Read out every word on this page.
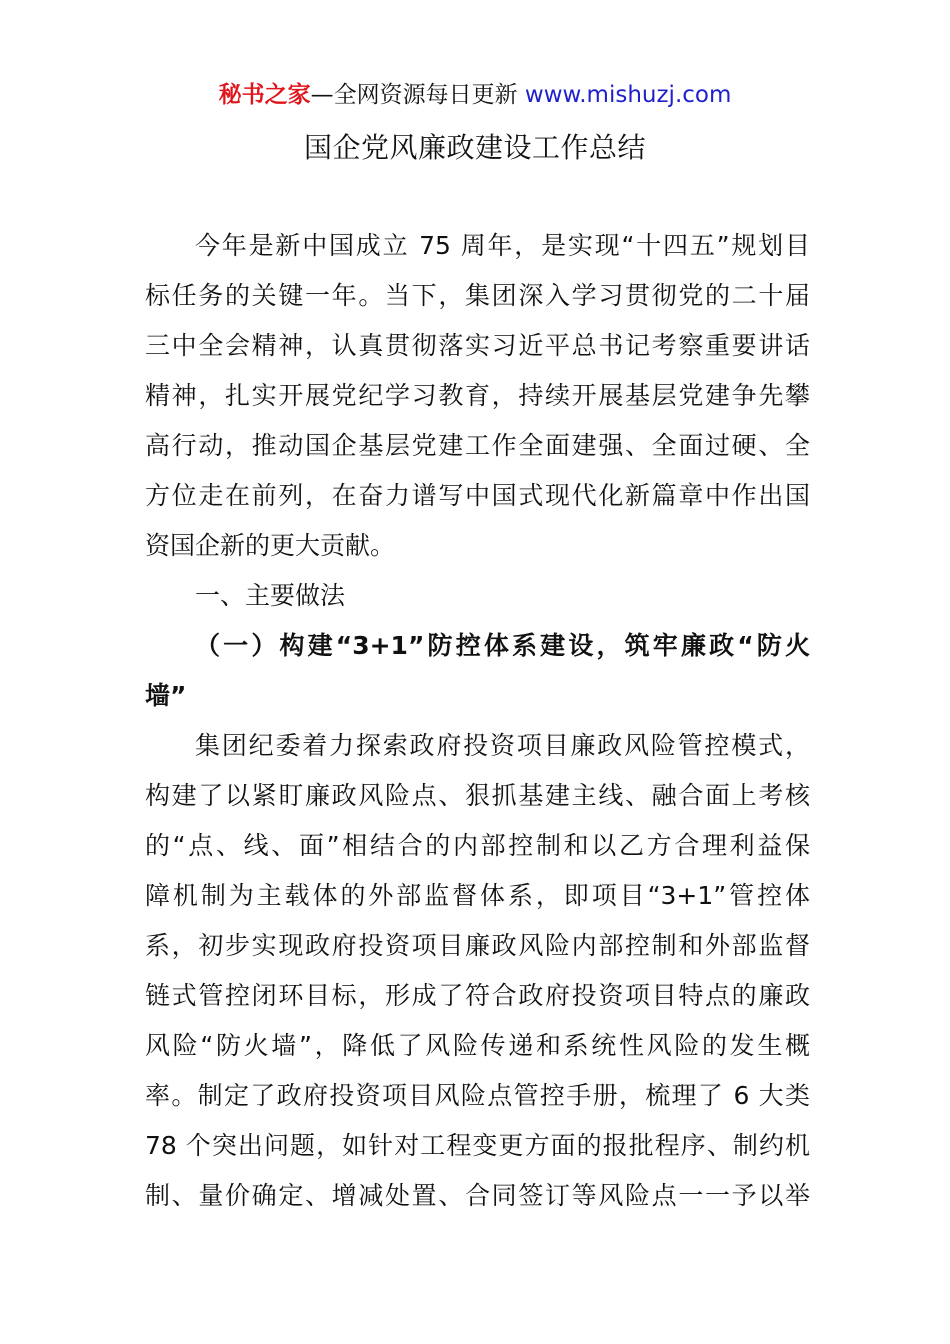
秘书之家—全网资源每日更新 www.mishuzj.com
国企党风廉政建设工作总结
今年是新中国成立 75 周年，是实现“十四五”规划目
标任务的关键一年。当下，集团深入学习贯彻党的二十届
三中全会精神，认真贯彻落实习近平总书记考察重要讲话
精神，扎实开展党纪学习教育，持续开展基层党建争先攀
高行动，推动国企基层党建工作全面建强、全面过硬、全
方位走在前列，在奋力谱写中国式现代化新篇章中作出国
资国企新的更大贡献。
一、主要做法
（一）构建“3+1”防控体系建设，筑牢廉政“防火
墙”
集团纪委着力探索政府投资项目廉政风险管控模式，
构建了以紧盯廉政风险点、狠抓基建主线、融合面上考核
的“点、线、面”相结合的内部控制和以乙方合理利益保
障机制为主载体的外部监督体系，即项目“3+1”管控体
系，初步实现政府投资项目廉政风险内部控制和外部监督
链式管控闭环目标，形成了符合政府投资项目特点的廉政
风险“防火墙”，降低了风险传递和系统性风险的发生概
率。制定了政府投资项目风险点管控手册，梳理了 6 大类
78 个突出问题，如针对工程变更方面的报批程序、制约机
制、量价确定、增减处置、合同签订等风险点一一予以举
